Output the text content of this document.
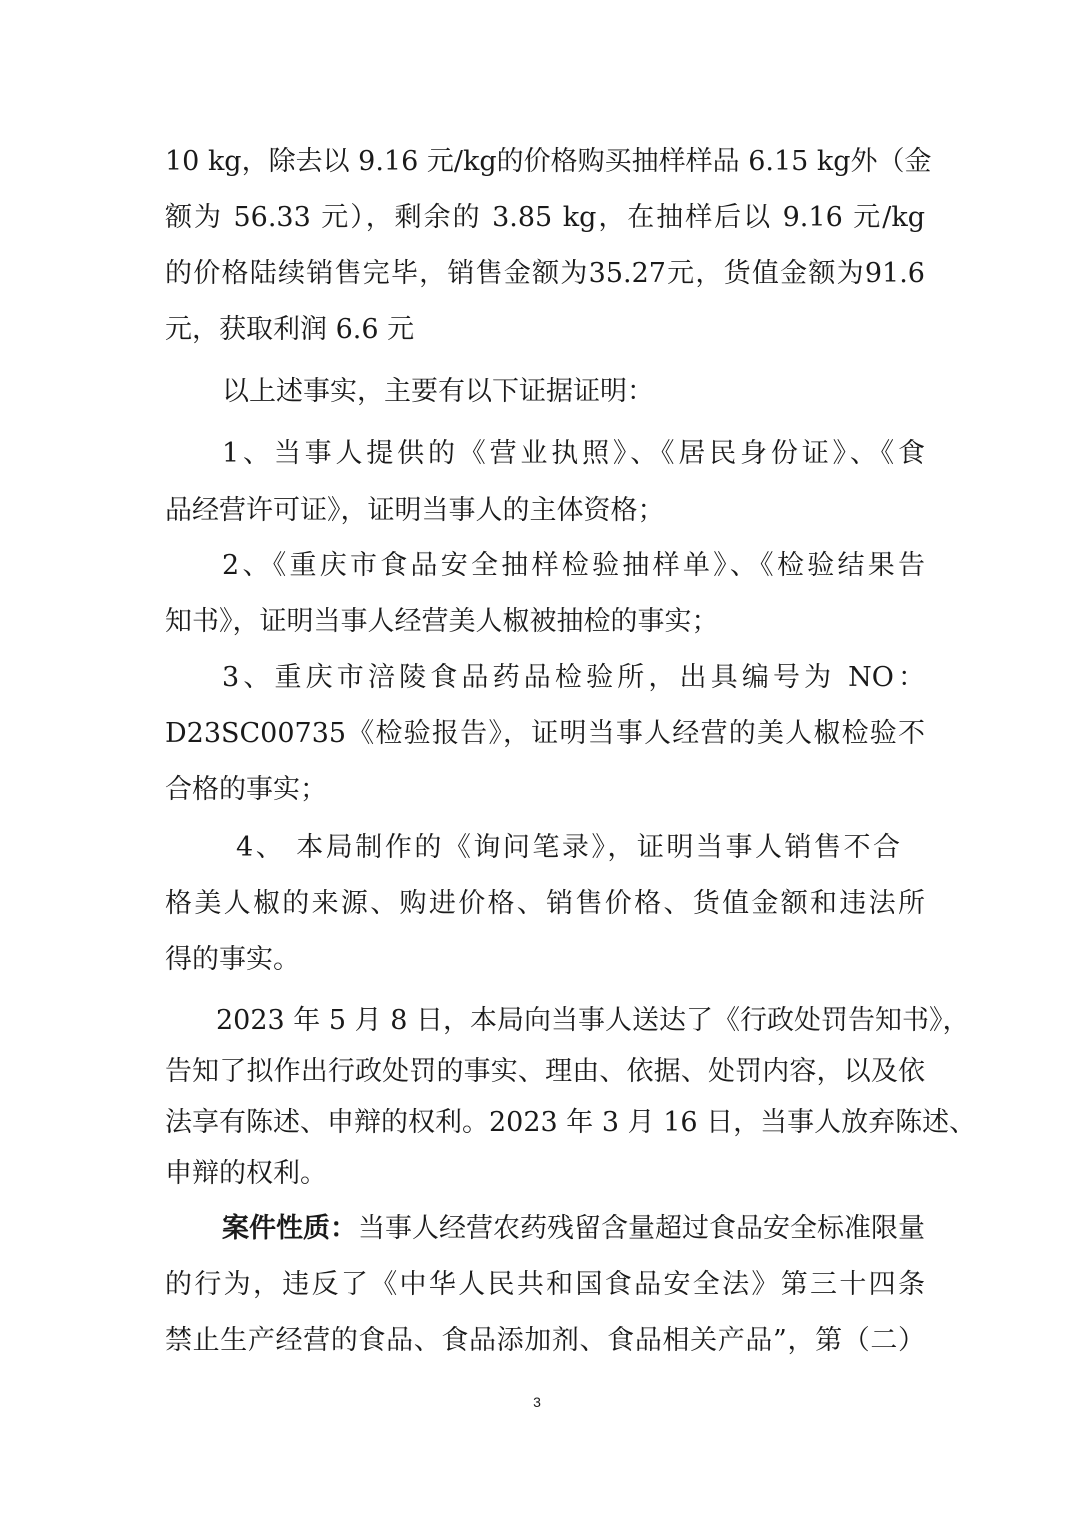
10 kg，除去以 9.16 元/kg的价格购买抽样样品 6.15 kg外（金
额为 56.33 元），剩余的 3.85 kg，在抽样后以 9.16 元/kg
的价格陆续销售完毕，销售金额为35.27元，货值金额为91.6
元，获取利润 6.6 元
以上述事实，主要有以下证据证明：
1、当事人提供的《营业执照》、《居民身份证》、《食
品经营许可证》，证明当事人的主体资格；
2、《重庆市食品安全抽样检验抽样单》、《检验结果告
知书》，证明当事人经营美人椒被抽检的事实；
3、重庆市涪陵食品药品检验所，出具编号为 NO：
D23SC00735《检验报告》，证明当事人经营的美人椒检验不
合格的事实；
4、 本局制作的《询问笔录》，证明当事人销售不合
格美人椒的来源、购进价格、销售价格、货值金额和违法所
得的事实。
2023 年 5 月 8 日，本局向当事人送达了《行政处罚告知书》，
告知了拟作出行政处罚的事实、理由、依据、处罚内容，以及依
法享有陈述、申辩的权利。2023 年 3 月 16 日，当事人放弃陈述、
申辩的权利。
案件性质： 当事人经营农药残留含量超过食品安全标准限量
的行为，违反了《中华人民共和国食品安全法》第三十四条
禁止生产经营的食品、食品添加剂、食品相关产品”，第（二）
3
